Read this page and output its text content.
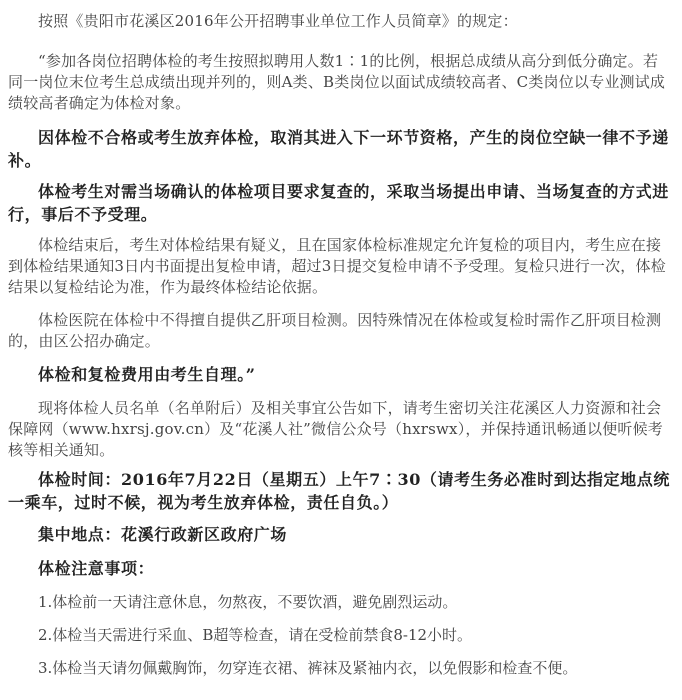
按照《贵阳市花溪区2016年公开招聘事业单位工作人员简章》的规定：

“参加各岗位招聘体检的考生按照拟聘用人数1∶1的比例，根据总成绩从高分到低分确定。若同一岗位末位考生总成绩出现并列的，则A类、B类岗位以面试成绩较高者、C类岗位以专业测试成绩较高者确定为体检对象。

因体检不合格或考生放弃体检，取消其进入下一环节资格，产生的岗位空缺一律不予递补。

体检考生对需当场确认的体检项目要求复查的，采取当场提出申请、当场复查的方式进行，事后不予受理。

体检结束后，考生对体检结果有疑义，且在国家体检标准规定允许复检的项目内，考生应在接到体检结果通知3日内书面提出复检申请，超过3日提交复检申请不予受理。复检只进行一次，体检结果以复检结论为准，作为最终体检结论依据。

体检医院在体检中不得擅自提供乙肝项目检测。因特殊情况在体检或复检时需作乙肝项目检测的，由区公招办确定。

体检和复检费用由考生自理。”

现将体检人员名单（名单附后）及相关事宜公告如下，请考生密切关注花溪区人力资源和社会保障网（www.hxrsj.gov.cn）及“花溪人社”微信公众号（hxrswx），并保持通讯畅通以便听候考核等相关通知。

体检时间：2016年7月22日（星期五）上午7∶30（请考生务必准时到达指定地点统一乘车，过时不候，视为考生放弃体检，责任自负。）

集中地点：花溪行政新区政府广场

体检注意事项：

1.体检前一天请注意休息，勿熬夜，不要饮酒，避免剧烈运动。

2.体检当天需进行采血、B超等检查，请在受检前禁食8-12小时。

3.体检当天请勿佩戴胸饰，勿穿连衣裙、裤袜及紧袖内衣，以免假影和检查不便。
